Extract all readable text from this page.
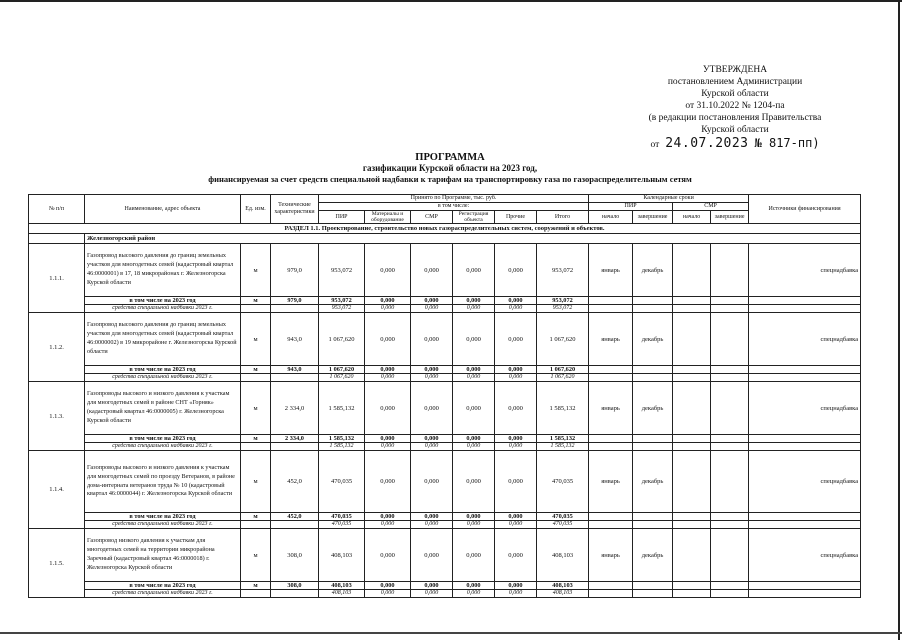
УТВЕРЖДЕНА
постановлением Администрации
Курской области
от 31.10.2022 № 1204-па
(в редакции постановления Правительства
Курской области
от 24.07.2023 № 817-пп)
ПРОГРАММА
газификации Курской области на 2023 год,
финансируемая за счет средств специальной надбавки к тарифам на транспортировку газа по газораспределительным сетям
№ п/п	Наименование, адрес объекта	Ед. изм.	Технические характеристики	Принято по Программе, тыс. руб.						Календарные сроки				Источники финансирования
				в том числе:						ПИР		СМР		
				ПИР	Материалы и оборудование	СМР	Регистрация объекта	Прочие	Итого	начало	завершение	начало	завершение	
РАЗДЕЛ 1.1. Проектирование, строительство новых газораспределительных систем, сооружений и объектов.														
	Железногорский район													
1.1.1.	Газопровод высокого давления до границ земельных участков для многодетных семей (кадастровый квартал 46:0000001) в 17, 18 микрорайонах г. Железногорска Курской области	м	979,0	953,072	0,000	0,000	0,000	0,000	953,072	январь	декабрь			спецнадбавка
	в том числе на 2023 год	м	979,0	953,072	0,000	0,000	0,000	0,000	953,072					
	средства специальной надбавки 2023 г.			953,072	0,000	0,000	0,000	0,000	953,072					
1.1.2.	Газопровод высокого давления до границ земельных участков для многодетных семей (кадастровый квартал 46:0000002) в 19 микрорайоне г. Железногорска Курской области	м	943,0	1 067,620	0,000	0,000	0,000	0,000	1 067,620	январь	декабрь			спецнадбавка
	в том числе на 2023 год	м	943,0	1 067,620	0,000	0,000	0,000	0,000	1 067,620					
	средства специальной надбавки 2023 г.			1 067,620	0,000	0,000	0,000	0,000	1 067,620					
1.1.3.	Газопроводы высокого и низкого давления к участкам для многодетных семей в районе СНТ «Горняк» (кадастровый квартал 46:0000005) г. Железногорска Курской области	м	2 334,0	1 585,132	0,000	0,000	0,000	0,000	1 585,132	январь	декабрь			спецнадбавка
	в том числе на 2023 год	м	2 334,0	1 585,132	0,000	0,000	0,000	0,000	1 585,132					
	средства специальной надбавки 2023 г.			1 585,132	0,000	0,000	0,000	0,000	1 585,132					
1.1.4.	Газопроводы высокого и низкого давления к участкам для многодетных семей по проезду Ветеранов, в районе дома-интерната ветеранов труда № 10 (кадастровый квартал 46:0000044) г. Железногорска Курской области	м	452,0	470,035	0,000	0,000	0,000	0,000	470,035	январь	декабрь			спецнадбавка
	в том числе на 2023 год	м	452,0	470,035	0,000	0,000	0,000	0,000	470,035					
	средства специальной надбавки 2023 г.			470,035	0,000	0,000	0,000	0,000	470,035					
1.1.5.	Газопровод низкого давления к участкам для многодетных семей на территории микрорайона Заречный (кадастровый квартал 46:0000018) г. Железногорска Курской области	м	308,0	408,103	0,000	0,000	0,000	0,000	408,103	январь	декабрь			спецнадбавка
	в том числе на 2023 год	м	308,0	408,103	0,000	0,000	0,000	0,000	408,103					
	средства специальной надбавки 2023 г.			408,103	0,000	0,000	0,000	0,000	408,103					
